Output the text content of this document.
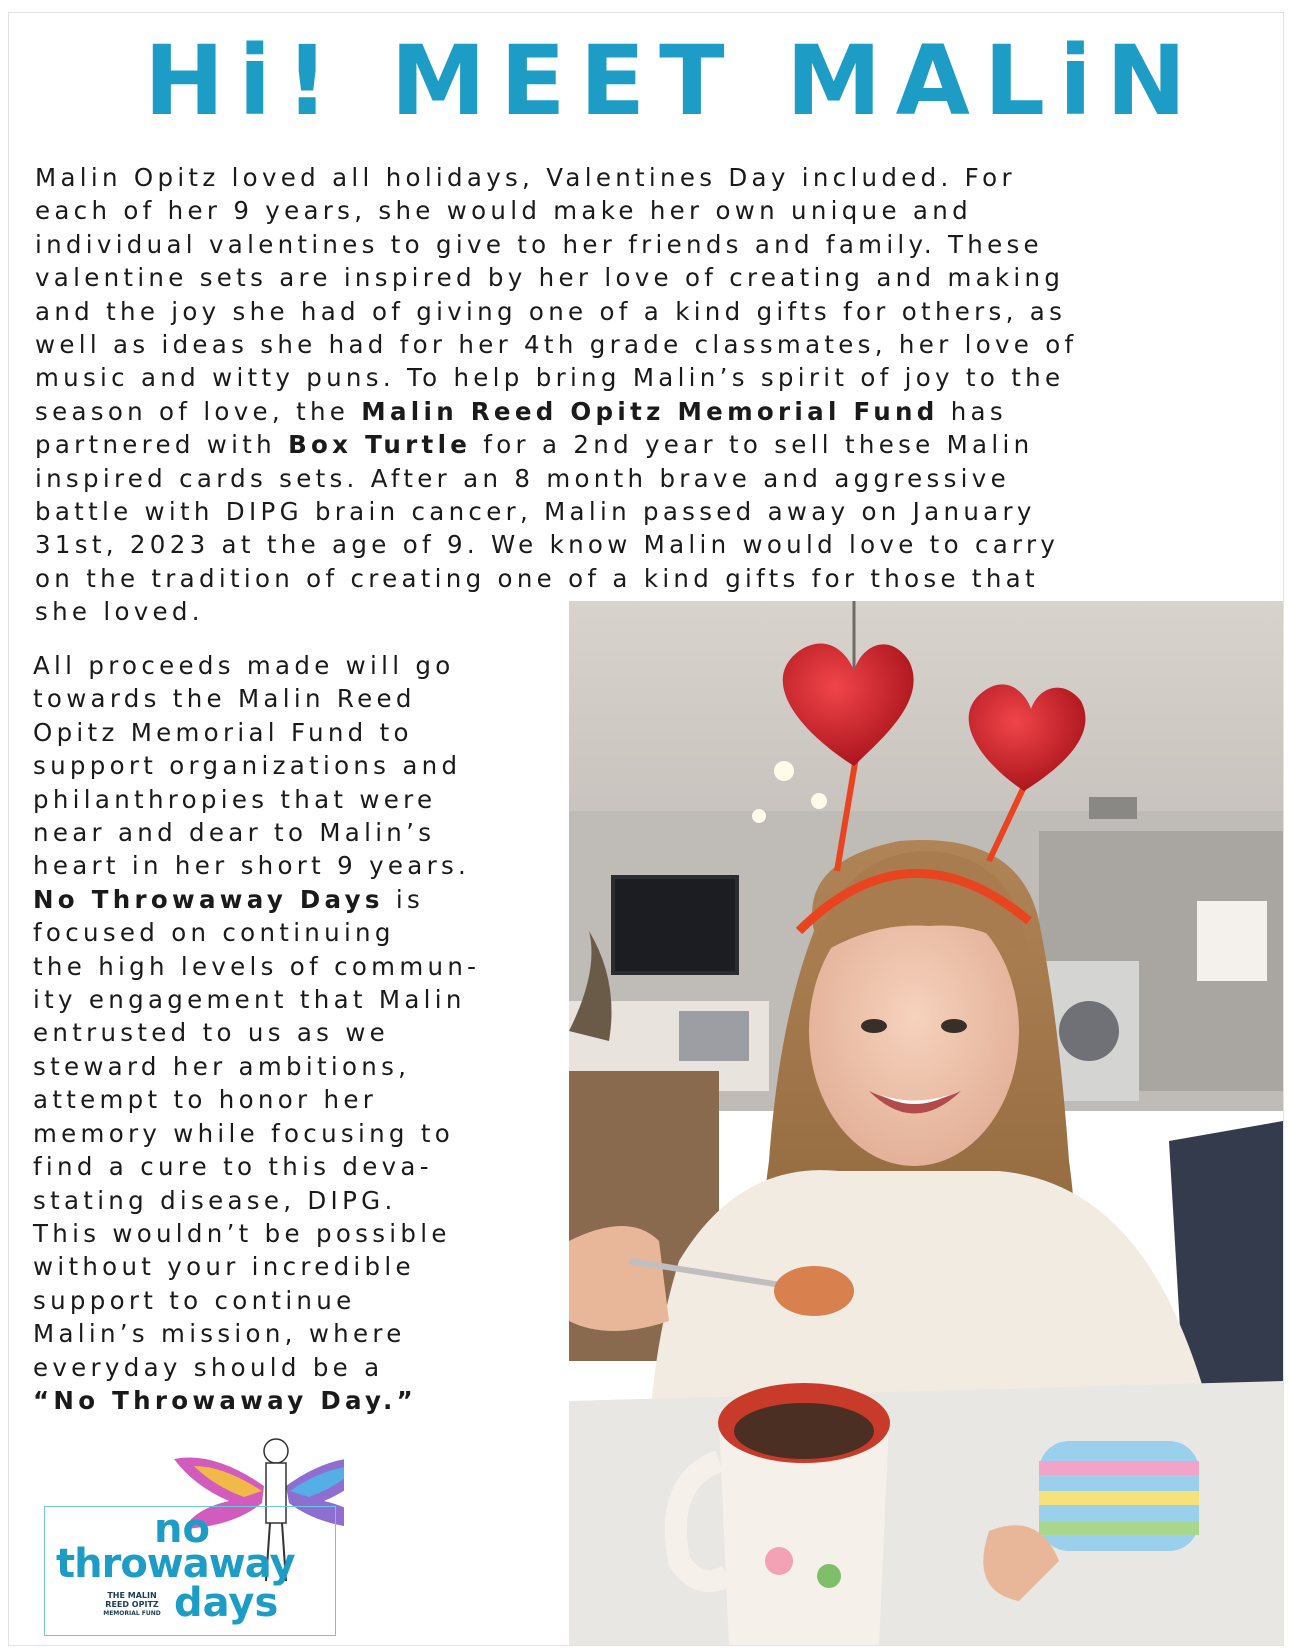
Hi! MEET MALiN
Malin Opitz loved all holidays, Valentines Day included. For
each of her 9 years, she would make her own unique and
individual valentines to give to her friends and family. These
valentine sets are inspired by her love of creating and making
and the joy she had of giving one of a kind gifts for others, as
well as ideas she had for her 4th grade classmates, her love of
music and witty puns. To help bring Malin’s spirit of joy to the
season of love, the Malin Reed Opitz Memorial Fund has
partnered with Box Turtle for a 2nd year to sell these Malin
inspired cards sets. After an 8 month brave and aggressive
battle with DIPG brain cancer, Malin passed away on January
31st, 2023 at the age of 9. We know Malin would love to carry
on the tradition of creating one of a kind gifts for those that
she loved.
All proceeds made will go
towards the Malin Reed
Opitz Memorial Fund to
support organizations and
philanthropies that were
near and dear to Malin’s
heart in her short 9 years.
No Throwaway Days is
focused on continuing
the high levels of commun-
ity engagement that Malin
entrusted to us as we
steward her ambitions,
attempt to honor her
memory while focusing to
find a cure to this deva-
stating disease, DIPG.
This wouldn’t be possible
without your incredible
support to continue
Malin’s mission, where
everyday should be a
“No Throwaway Day.”
no
throwaway
days
THE MALIN
REED OPITZ
MEMORIAL FUND
